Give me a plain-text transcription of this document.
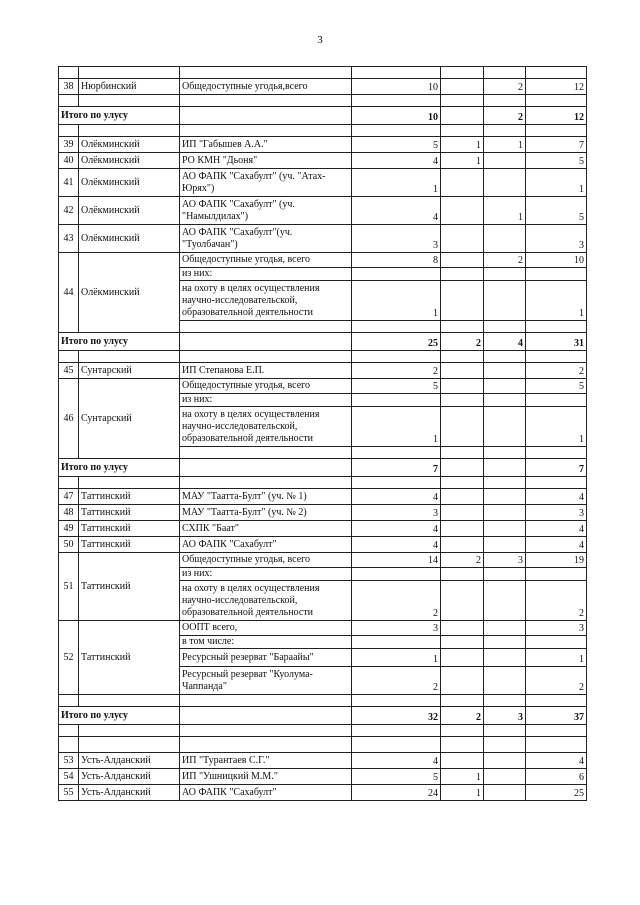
3

38	Нюрбинский	Общедоступные угодья,всего	10		2	12

Итого по улусу			10		2	12

39	Олёкминский	ИП "Габышев А.А."	5	1	1	7
40	Олёкминский	РО КМН "Дьоня"	4	1		5
41	Олёкминский	АО ФАПК "Сахабулт" (уч. "Атах-Юрях")	1			1
42	Олёкминский	АО ФАПК "Сахабулт" (уч. "Намылдилах")	4		1	5
43	Олёкминский	АО ФАПК "Сахабулт"(уч. "Туолбачан")	3			3
44	Олёкминский	Общедоступные угодья, всего	8		2	10
		из них:				
		на охоту в целях осуществления научно-исследовательской, образовательной деятельности	1			1

Итого по улусу			25	2	4	31

45	Сунтарский	ИП Степанова Е.П.	2			2
46	Сунтарский	Общедоступные угодья, всего	5			5
		из них:				
		на охоту в целях осуществления научно-исследовательской, образовательной деятельности	1			1

Итого по улусу			7			7

47	Таттинский	МАУ "Таатта-Булт" (уч. № 1)	4			4
48	Таттинский	МАУ "Таатта-Булт" (уч. № 2)	3			3
49	Таттинский	СХПК "Баат"	4			4
50	Таттинский	АО ФАПК "Сахабулт"	4			4
51	Таттинский	Общедоступные угодья, всего	14	2	3	19
		из них:				
		на охоту в целях осуществления научно-исследовательской, образовательной деятельности	2			2
52	Таттинский	ООПТ всего,	3			3
		в том числе:				
		Ресурсный резерват "Бараайы"	1			1
		Ресурсный резерват "Куолума-Чаппанда"	2			2

Итого по улусу			32	2	3	37

53	Усть-Алданский	ИП "Турантаев С.Г."	4			4
54	Усть-Алданский	ИП "Ушницкий М.М."	5	1		6
55	Усть-Алданский	АО ФАПК "Сахабулт"	24	1		25
